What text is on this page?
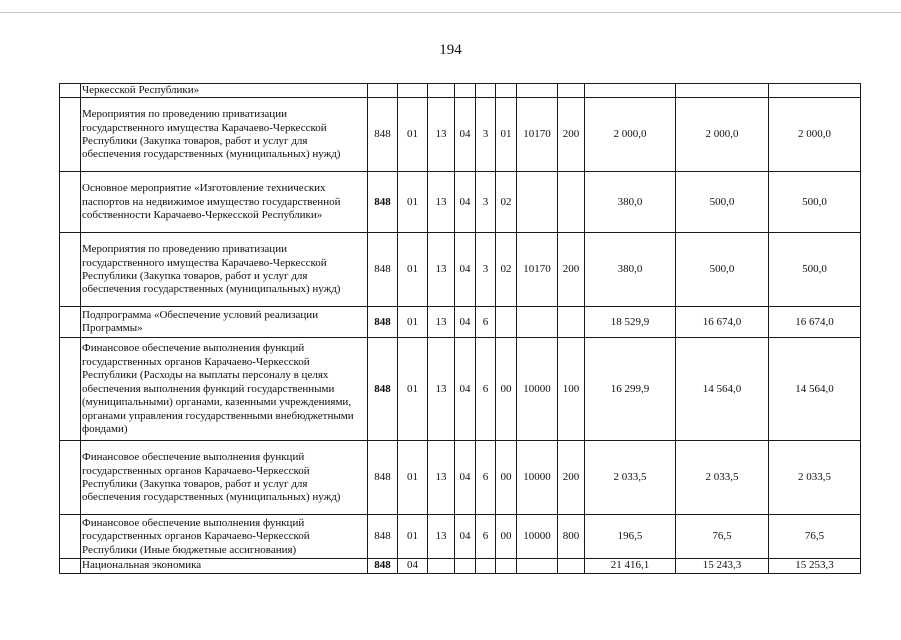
194
	Черкесской Республики»											
	Мероприятия по проведению приватизации государственного имущества Карачаево-Черкесской Республики (Закупка товаров, работ и услуг для обеспечения государственных (муниципальных) нужд)	848	01	13	04	3	01	10170	200	2 000,0	2 000,0	2 000,0
	Основное мероприятие «Изготовление технических паспортов на недвижимое имущество государственной собственности Карачаево-Черкесской Республики»	848	01	13	04	3	02			380,0	500,0	500,0
	Мероприятия по проведению приватизации государственного имущества Карачаево-Черкесской Республики (Закупка товаров, работ и услуг для обеспечения государственных (муниципальных) нужд)	848	01	13	04	3	02	10170	200	380,0	500,0	500,0
	Подпрограмма «Обеспечение условий реализации Программы»	848	01	13	04	6				18 529,9	16 674,0	16 674,0
	Финансовое обеспечение выполнения функций государственных органов Карачаево-Черкесской Республики (Расходы на выплаты персоналу в целях обеспечения выполнения функций государственными (муниципальными) органами, казенными учреждениями, органами управления государственными внебюджетными фондами)	848	01	13	04	6	00	10000	100	16 299,9	14 564,0	14 564,0
	Финансовое обеспечение выполнения функций государственных органов Карачаево-Черкесской Республики (Закупка товаров, работ и услуг для обеспечения государственных (муниципальных) нужд)	848	01	13	04	6	00	10000	200	2 033,5	2 033,5	2 033,5
	Финансовое обеспечение выполнения функций государственных органов Карачаево-Черкесской Республики (Иные бюджетные ассигнования)	848	01	13	04	6	00	10000	800	196,5	76,5	76,5
	Национальная экономика	848	04							21 416,1	15 243,3	15 253,3
